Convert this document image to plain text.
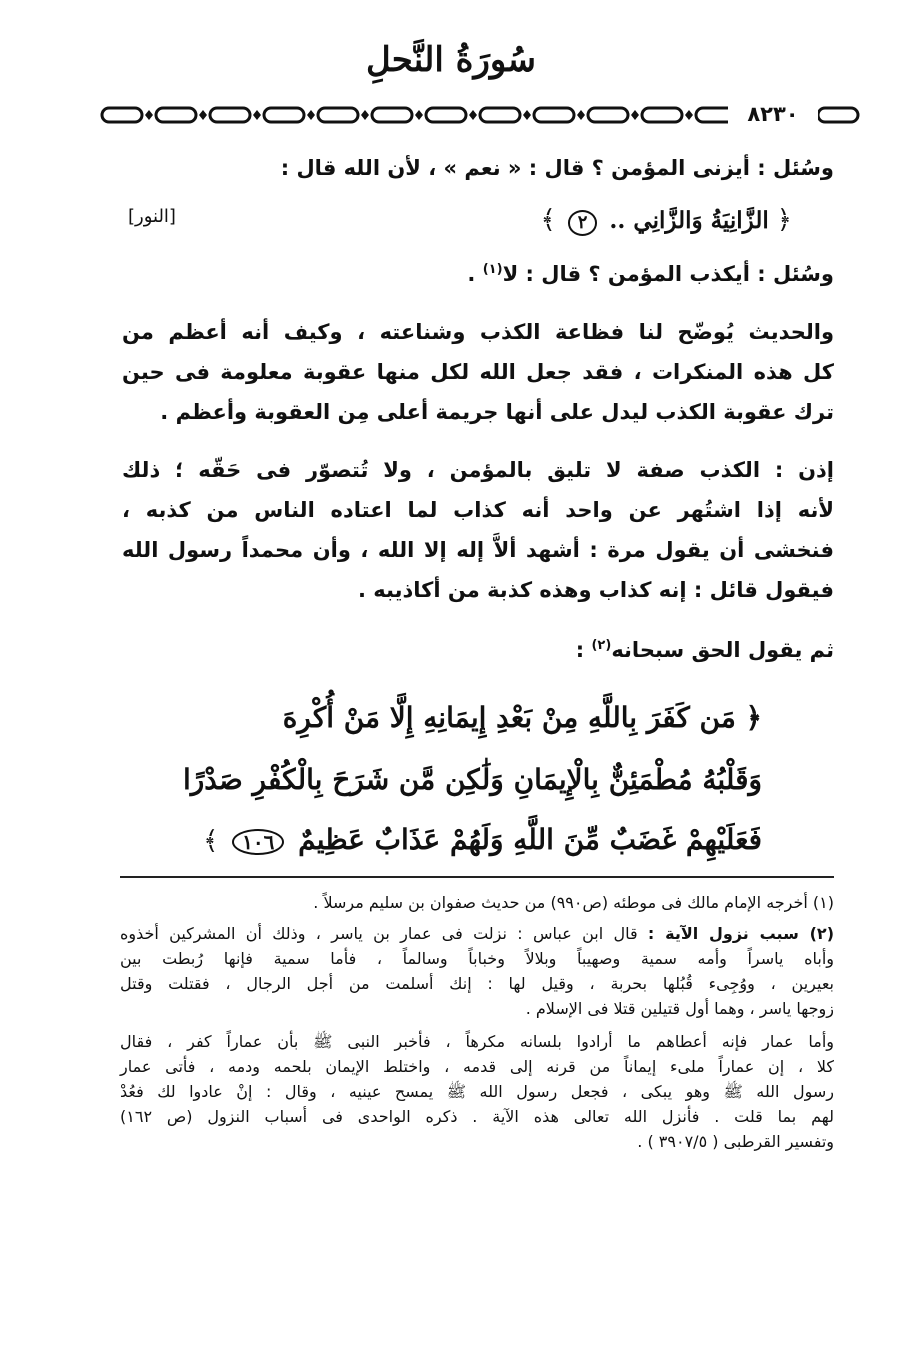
سُورَةُ النَّحلِ
٨٢٣٠
وسُئل : أيزنى المؤمن ؟ قال : « نعم » ، لأن الله قال :
﴿ الزَّانِيَةُ وَالزَّانِي .. ٢ ﴾
[النور]
وسُئل : أيكذب المؤمن ؟ قال : لا$^{(١)}$ .
والحديث يُوضّح لنا فظاعة الكذب وشناعته ، وكيف أنه أعظم من
كل هذه المنكرات ، فقد جعل الله لكل منها عقوبة معلومة فى حين
ترك عقوبة الكذب ليدل على أنها جريمة أعلى مِن العقوبة وأعظم .
إذن : الكذب صفة لا تليق بالمؤمن ، ولا تُتصوّر فى حَقّه ؛ ذلك
لأنه إذا اشتُهر عن واحد أنه كذاب لما اعتاده الناس من كذبه ،
فنخشى أن يقول مرة : أشهد ألاَّ إله إلا الله ، وأن محمداً رسول الله
فيقول قائل : إنه كذاب وهذه كذبة من أكاذيبه .
ثم يقول الحق سبحانه$^{(٢)}$ :
﴿ مَن كَفَرَ بِاللَّهِ مِنْ بَعْدِ إِيمَانِهِ إِلَّا مَنْ أُكْرِهَ
وَقَلْبُهُ مُطْمَئِنٌّ بِالْإِيمَانِ وَلَٰكِن مَّن شَرَحَ بِالْكُفْرِ صَدْرًا
فَعَلَيْهِمْ غَضَبٌ مِّنَ اللَّهِ وَلَهُمْ عَذَابٌ عَظِيمٌ ١٠٦ ﴾
(١) أخرجه الإمام مالك فى موطئه (ص٩٩٠) من حديث صفوان بن سليم مرسلاً .
(٢) سبب نزول الآية : قال ابن عباس : نزلت فى عمار بن ياسر ، وذلك أن المشركين أخذوه
وأباه ياسراً وأمه سمية وصهيباً وبلالاً وخباباً وسالماً ، فأما سمية فإنها رُبطت بين
بعيرين ، ووُجِىء قُبُلها بحربة ، وقيل لها : إنك أسلمت من أجل الرجال ، فقتلت وقتل
زوجها ياسر ، وهما أول قتيلين قتلا فى الإسلام .
وأما عمار فإنه أعطاهم ما أرادوا بلسانه مكرهاً ، فأخبر النبى ﷺ بأن عماراً كفر ، فقال
كلا ، إن عماراً ملىء إيماناً من قرنه إلى قدمه ، واختلط الإيمان بلحمه ودمه ، فأتى عمار
رسول الله ﷺ وهو يبكى ، فجعل رسول الله ﷺ يمسح عينيه ، وقال : إنْ عادوا لك فعُدْ
لهم بما قلت . فأنزل الله تعالى هذه الآية . ذكره الواحدى فى أسباب النزول (ص ١٦٢)
وتفسير القرطبى ( ٣٩٠٧/٥ ) .
